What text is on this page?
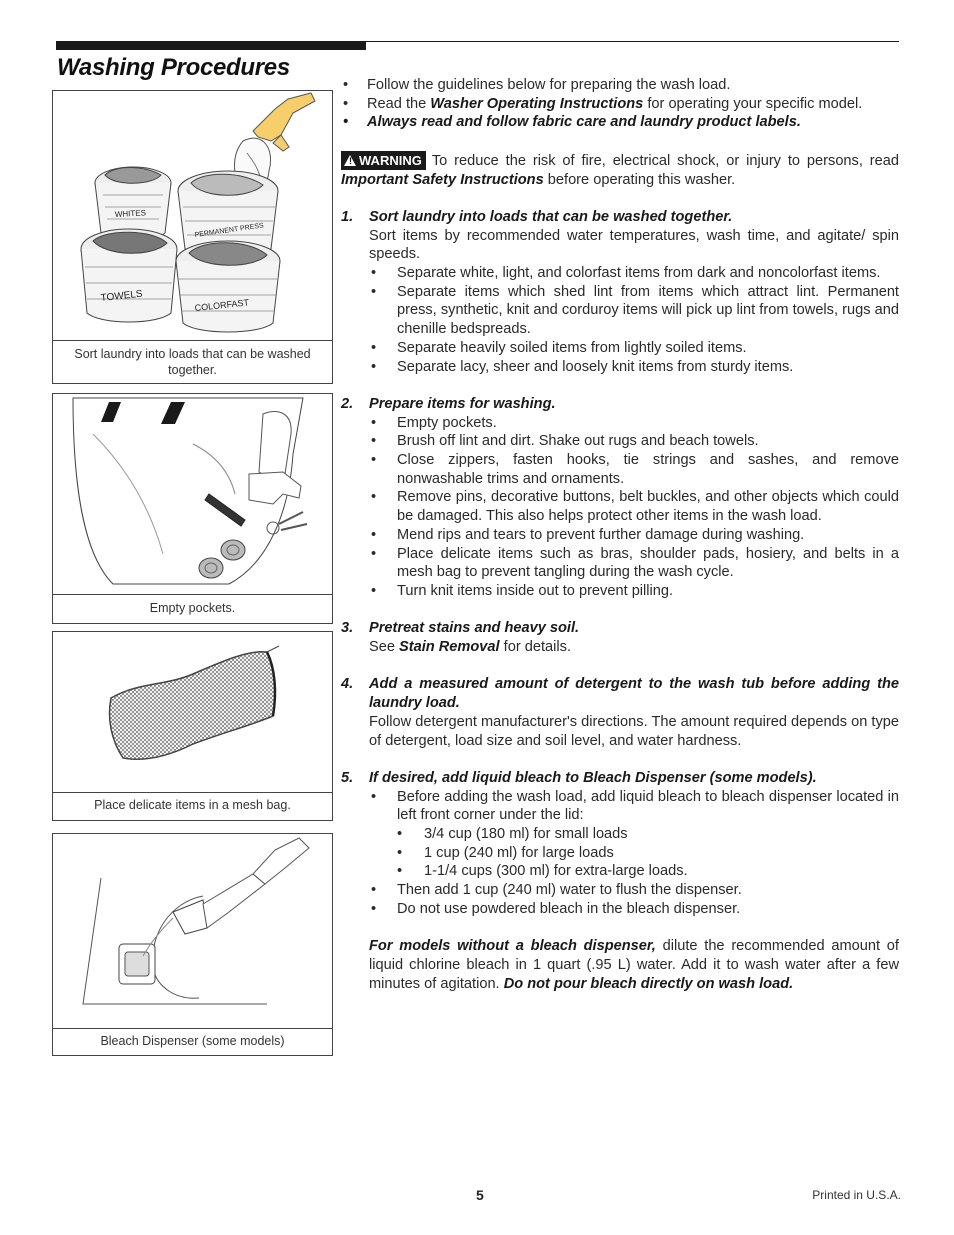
Washing Procedures
WHITES
PERMANENT PRESS
TOWELS
COLORFAST
Sort laundry into loads that can be washed together.
Empty pockets.
Place delicate items in a mesh bag.
Bleach Dispenser (some models)
• Follow the guidelines below for preparing the wash load.
• Read the Washer Operating Instructions for operating your specific model.
• Always read and follow fabric care and laundry product labels.
! WARNING To reduce the risk of fire, electrical shock, or injury to persons, read Important Safety Instructions before operating this washer.
1. Sort laundry into loads that can be washed together.
Sort items by recommended water temperatures, wash time, and agitate/ spin speeds.
• Separate white, light, and colorfast items from dark and noncolorfast items.
• Separate items which shed lint from items which attract lint. Permanent press, synthetic, knit and corduroy items will pick up lint from towels, rugs and chenille bedspreads.
• Separate heavily soiled items from lightly soiled items.
• Separate lacy, sheer and loosely knit items from sturdy items.
2. Prepare items for washing.
• Empty pockets.
• Brush off lint and dirt. Shake out rugs and beach towels.
• Close zippers, fasten hooks, tie strings and sashes, and remove nonwashable trims and ornaments.
• Remove pins, decorative buttons, belt buckles, and other objects which could be damaged. This also helps protect other items in the wash load.
• Mend rips and tears to prevent further damage during washing.
• Place delicate items such as bras, shoulder pads, hosiery, and belts in a mesh bag to prevent tangling during the wash cycle.
• Turn knit items inside out to prevent pilling.
3. Pretreat stains and heavy soil.
See Stain Removal for details.
4. Add a measured amount of detergent to the wash tub before adding the laundry load.
Follow detergent manufacturer's directions. The amount required depends on type of detergent, load size and soil level, and water hardness.
5. If desired, add liquid bleach to Bleach Dispenser (some models).
• Before adding the wash load, add liquid bleach to bleach dispenser located in left front corner under the lid:
• 3/4 cup (180 ml) for small loads
• 1 cup (240 ml) for large loads
• 1-1/4 cups (300 ml) for extra-large loads.
• Then add 1 cup (240 ml) water to flush the dispenser.
• Do not use powdered bleach in the bleach dispenser.
For models without a bleach dispenser, dilute the recommended amount of liquid chlorine bleach in 1 quart (.95 L) water. Add it to wash water after a few minutes of agitation. Do not pour bleach directly on wash load.
5	Printed in U.S.A.
